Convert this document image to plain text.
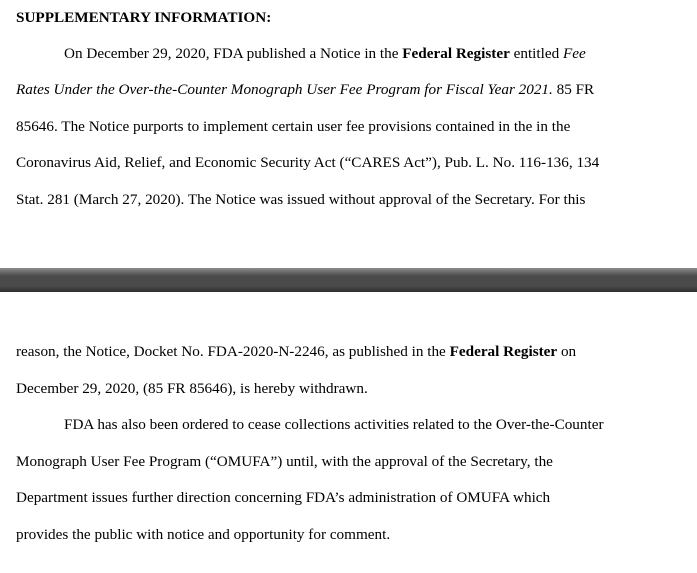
SUPPLEMENTARY INFORMATION:
On December 29, 2020, FDA published a Notice in the Federal Register entitled Fee
Rates Under the Over-the-Counter Monograph User Fee Program for Fiscal Year 2021. 85 FR
85646. The Notice purports to implement certain user fee provisions contained in the in the
Coronavirus Aid, Relief, and Economic Security Act (“CARES Act”), Pub. L. No. 116-136, 134
Stat. 281 (March 27, 2020). The Notice was issued without approval of the Secretary. For this
reason, the Notice, Docket No. FDA-2020-N-2246, as published in the Federal Register on
December 29, 2020, (85 FR 85646), is hereby withdrawn.
FDA has also been ordered to cease collections activities related to the Over-the-Counter
Monograph User Fee Program (“OMUFA”) until, with the approval of the Secretary, the
Department issues further direction concerning FDA’s administration of OMUFA which
provides the public with notice and opportunity for comment.
